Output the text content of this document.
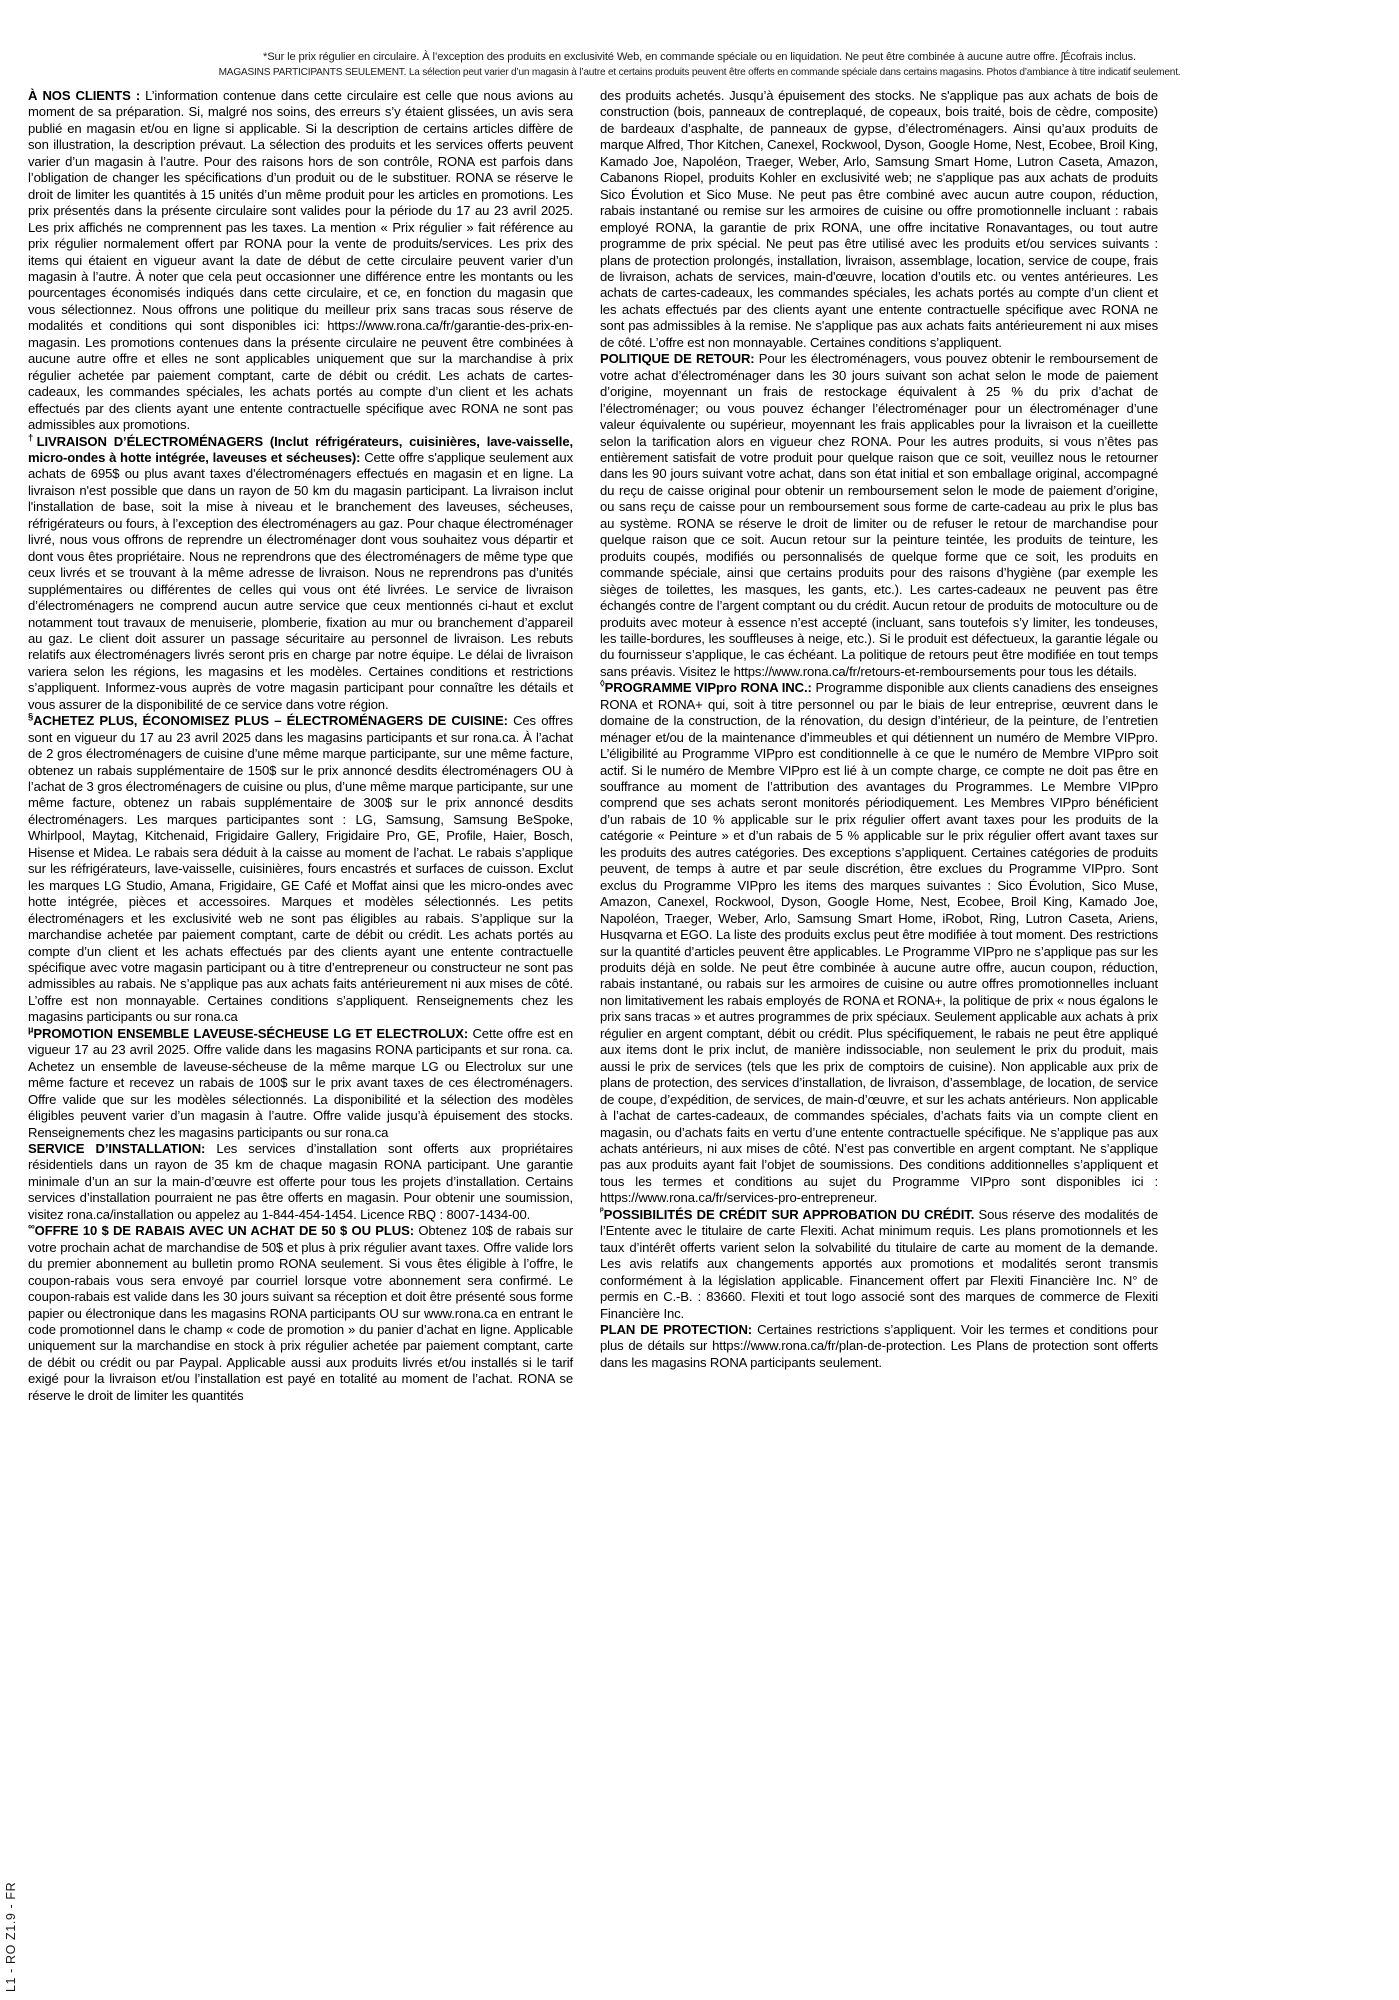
*Sur le prix régulier en circulaire. À l’exception des produits en exclusivité Web, en commande spéciale ou en liquidation. Ne peut être combinée à aucune autre offre. ʃÉcofrais inclus.
MAGASINS PARTICIPANTS SEULEMENT. La sélection peut varier d’un magasin à l’autre et certains produits peuvent être offerts en commande spéciale dans certains magasins. Photos d’ambiance à titre indicatif seulement.

À NOS CLIENTS : L’information contenue dans cette circulaire est celle que nous avions au moment de sa préparation. Si, malgré nos soins, des erreurs s’y étaient glissées, un avis sera publié en magasin et/ou en ligne si applicable. Si la description de certains articles diffère de son illustration, la description prévaut. La sélection des produits et les services offerts peuvent varier d’un magasin à l’autre. Pour des raisons hors de son contrôle, RONA est parfois dans l’obligation de changer les spécifications d’un produit ou de le substituer. RONA se réserve le droit de limiter les quantités à 15 unités d’un même produit pour les articles en promotions. Les prix présentés dans la présente circulaire sont valides pour la période du 17 au 23 avril 2025. Les prix affichés ne comprennent pas les taxes. La mention « Prix régulier » fait référence au prix régulier normalement offert par RONA pour la vente de produits/services. Les prix des items qui étaient en vigueur avant la date de début de cette circulaire peuvent varier d’un magasin à l’autre. À noter que cela peut occasionner une différence entre les montants ou les pourcentages économisés indiqués dans cette circulaire, et ce, en fonction du magasin que vous sélectionnez. Nous offrons une politique du meilleur prix sans tracas sous réserve de modalités et conditions qui sont disponibles ici: https://www.rona.ca/fr/garantie-des-prix-en-magasin. Les promotions contenues dans la présente circulaire ne peuvent être combinées à aucune autre offre et elles ne sont applicables uniquement que sur la marchandise à prix régulier achetée par paiement comptant, carte de débit ou crédit. Les achats de cartes-cadeaux, les commandes spéciales, les achats portés au compte d’un client et les achats effectués par des clients ayant une entente contractuelle spécifique avec RONA ne sont pas admissibles aux promotions.

†LIVRAISON D’ÉLECTROMÉNAGERS (Inclut réfrigérateurs, cuisinières, lave-vaisselle, micro-ondes à hotte intégrée, laveuses et sécheuses): Cette offre s'applique seulement aux achats de 695$ ou plus avant taxes d'électroménagers effectués en magasin et en ligne. La livraison n'est possible que dans un rayon de 50 km du magasin participant. La livraison inclut l'installation de base, soit la mise à niveau et le branchement des laveuses, sécheuses, réfrigérateurs ou fours, à l’exception des électroménagers au gaz. Pour chaque électroménager livré, nous vous offrons de reprendre un électroménager dont vous souhaitez vous départir et dont vous êtes propriétaire. Nous ne reprendrons que des électroménagers de même type que ceux livrés et se trouvant à la même adresse de livraison. Nous ne reprendrons pas d’unités supplémentaires ou différentes de celles qui vous ont été livrées. Le service de livraison d’électroménagers ne comprend aucun autre service que ceux mentionnés ci-haut et exclut notamment tout travaux de menuiserie, plomberie, fixation au mur ou branchement d’appareil au gaz. Le client doit assurer un passage sécuritaire au personnel de livraison. Les rebuts relatifs aux électroménagers livrés seront pris en charge par notre équipe. Le délai de livraison variera selon les régions, les magasins et les modèles. Certaines conditions et restrictions s’appliquent. Informez-vous auprès de votre magasin participant pour connaître les détails et vous assurer de la disponibilité de ce service dans votre région.

§ACHETEZ PLUS, ÉCONOMISEZ PLUS – ÉLECTROMÉNAGERS DE CUISINE: Ces offres sont en vigueur du 17 au 23 avril 2025 dans les magasins participants et sur rona.ca. À l’achat de 2 gros électroménagers de cuisine d’une même marque participante, sur une même facture, obtenez un rabais supplémentaire de 150$ sur le prix annoncé desdits électroménagers OU à l’achat de 3 gros électroménagers de cuisine ou plus, d’une même marque participante, sur une même facture, obtenez un rabais supplémentaire de 300$ sur le prix annoncé desdits électroménagers. Les marques participantes sont : LG, Samsung, Samsung BeSpoke, Whirlpool, Maytag, Kitchenaid, Frigidaire Gallery, Frigidaire Pro, GE, Profile, Haier, Bosch, Hisense et Midea. Le rabais sera déduit à la caisse au moment de l’achat. Le rabais s’applique sur les réfrigérateurs, lave-vaisselle, cuisinières, fours encastrés et surfaces de cuisson. Exclut les marques LG Studio, Amana, Frigidaire, GE Café et Moffat ainsi que les micro-ondes avec hotte intégrée, pièces et accessoires. Marques et modèles sélectionnés. Les petits électroménagers et les exclusivité web ne sont pas éligibles au rabais. S’applique sur la marchandise achetée par paiement comptant, carte de débit ou crédit. Les achats portés au compte d’un client et les achats effectués par des clients ayant une entente contractuelle spécifique avec votre magasin participant ou à titre d’entrepreneur ou constructeur ne sont pas admissibles au rabais. Ne s’applique pas aux achats faits antérieurement ni aux mises de côté. L’offre est non monnayable. Certaines conditions s’appliquent. Renseignements chez les magasins participants ou sur rona.ca

$^\mu$PROMOTION ENSEMBLE LAVEUSE-SÉCHEUSE LG ET ELECTROLUX: Cette offre est en vigueur 17 au 23 avril 2025. Offre valide dans les magasins RONA participants et sur rona. ca. Achetez un ensemble de laveuse-sécheuse de la même marque LG ou Electrolux sur une même facture et recevez un rabais de 100$ sur le prix avant taxes de ces électroménagers. Offre valide que sur les modèles sélectionnés. La disponibilité et la sélection des modèles éligibles peuvent varier d’un magasin à l’autre. Offre valide jusqu’à épuisement des stocks. Renseignements chez les magasins participants ou sur rona.ca

SERVICE D’INSTALLATION: Les services d’installation sont offerts aux propriétaires résidentiels dans un rayon de 35 km de chaque magasin RONA participant. Une garantie minimale d’un an sur la main-d’œuvre est offerte pour tous les projets d’installation. Certains services d’installation pourraient ne pas être offerts en magasin. Pour obtenir une soumission, visitez rona.ca/installation ou appelez au 1-844-454-1454. Licence RBQ : 8007-1434-00.

∞OFFRE 10 $ DE RABAIS AVEC UN ACHAT DE 50 $ OU PLUS: Obtenez 10$ de rabais sur votre prochain achat de marchandise de 50$ et plus à prix régulier avant taxes. Offre valide lors du premier abonnement au bulletin promo RONA seulement. Si vous êtes éligible à l’offre, le coupon-rabais vous sera envoyé par courriel lorsque votre abonnement sera confirmé. Le coupon-rabais est valide dans les 30 jours suivant sa réception et doit être présenté sous forme papier ou électronique dans les magasins RONA participants OU sur www.rona.ca en entrant le code promotionnel dans le champ « code de promotion » du panier d’achat en ligne. Applicable uniquement sur la marchandise en stock à prix régulier achetée par paiement comptant, carte de débit ou crédit ou par Paypal. Applicable aussi aux produits livrés et/ou installés si le tarif exigé pour la livraison et/ou l’installation est payé en totalité au moment de l’achat. RONA se réserve le droit de limiter les quantités

des produits achetés. Jusqu’à épuisement des stocks. Ne s'applique pas aux achats de bois de construction (bois, panneaux de contreplaqué, de copeaux, bois traité, bois de cèdre, composite) de bardeaux d’asphalte, de panneaux de gypse, d’électroménagers. Ainsi qu’aux produits de marque Alfred, Thor Kitchen, Canexel, Rockwool, Dyson, Google Home, Nest, Ecobee, Broil King, Kamado Joe, Napoléon, Traeger, Weber, Arlo, Samsung Smart Home, Lutron Caseta, Amazon, Cabanons Riopel, produits Kohler en exclusivité web; ne s'applique pas aux achats de produits Sico Évolution et Sico Muse. Ne peut pas être combiné avec aucun autre coupon, réduction, rabais instantané ou remise sur les armoires de cuisine ou offre promotionnelle incluant : rabais employé RONA, la garantie de prix RONA, une offre incitative Ronavantages, ou tout autre programme de prix spécial. Ne peut pas être utilisé avec les produits et/ou services suivants : plans de protection prolongés, installation, livraison, assemblage, location, service de coupe, frais de livraison, achats de services, main-d'œuvre, location d’outils etc. ou ventes antérieures. Les achats de cartes-cadeaux, les commandes spéciales, les achats portés au compte d’un client et les achats effectués par des clients ayant une entente contractuelle spécifique avec RONA ne sont pas admissibles à la remise. Ne s'applique pas aux achats faits antérieurement ni aux mises de côté. L’offre est non monnayable. Certaines conditions s’appliquent.

POLITIQUE DE RETOUR: Pour les électroménagers, vous pouvez obtenir le remboursement de votre achat d’électroménager dans les 30 jours suivant son achat selon le mode de paiement d’origine, moyennant un frais de restockage équivalent à 25 % du prix d’achat de l’électroménager; ou vous pouvez échanger l’électroménager pour un électroménager d’une valeur équivalente ou supérieur, moyennant les frais applicables pour la livraison et la cueillette selon la tarification alors en vigueur chez RONA. Pour les autres produits, si vous n’êtes pas entièrement satisfait de votre produit pour quelque raison que ce soit, veuillez nous le retourner dans les 90 jours suivant votre achat, dans son état initial et son emballage original, accompagné du reçu de caisse original pour obtenir un remboursement selon le mode de paiement d’origine, ou sans reçu de caisse pour un remboursement sous forme de carte-cadeau au prix le plus bas au système. RONA se réserve le droit de limiter ou de refuser le retour de marchandise pour quelque raison que ce soit. Aucun retour sur la peinture teintée, les produits de teinture, les produits coupés, modifiés ou personnalisés de quelque forme que ce soit, les produits en commande spéciale, ainsi que certains produits pour des raisons d’hygiène (par exemple les sièges de toilettes, les masques, les gants, etc.). Les cartes-cadeaux ne peuvent pas être échangés contre de l’argent comptant ou du crédit. Aucun retour de produits de motoculture ou de produits avec moteur à essence n’est accepté (incluant, sans toutefois s’y limiter, les tondeuses, les taille-bordures, les souffleuses à neige, etc.). Si le produit est défectueux, la garantie légale ou du fournisseur s’applique, le cas échéant. La politique de retours peut être modifiée en tout temps sans préavis. Visitez le https://www.rona.ca/fr/retours-et-remboursements pour tous les détails.

◊PROGRAMME VIPpro RONA INC.: Programme disponible aux clients canadiens des enseignes RONA et RONA+ qui, soit à titre personnel ou par le biais de leur entreprise, œuvrent dans le domaine de la construction, de la rénovation, du design d’intérieur, de la peinture, de l’entretien ménager et/ou de la maintenance d’immeubles et qui détiennent un numéro de Membre VIPpro. L’éligibilité au Programme VIPpro est conditionnelle à ce que le numéro de Membre VIPpro soit actif. Si le numéro de Membre VIPpro est lié à un compte charge, ce compte ne doit pas être en souffrance au moment de l’attribution des avantages du Programmes. Le Membre VIPpro comprend que ses achats seront monitorés périodiquement. Les Membres VIPpro bénéficient d’un rabais de 10 % applicable sur le prix régulier offert avant taxes pour les produits de la catégorie « Peinture » et d’un rabais de 5 % applicable sur le prix régulier offert avant taxes sur les produits des autres catégories. Des exceptions s’appliquent. Certaines catégories de produits peuvent, de temps à autre et par seule discrétion, être exclues du Programme VIPpro. Sont exclus du Programme VIPpro les items des marques suivantes : Sico Évolution, Sico Muse, Amazon, Canexel, Rockwool, Dyson, Google Home, Nest, Ecobee, Broil King, Kamado Joe, Napoléon, Traeger, Weber, Arlo, Samsung Smart Home, iRobot, Ring, Lutron Caseta, Ariens, Husqvarna et EGO. La liste des produits exclus peut être modifiée à tout moment. Des restrictions sur la quantité d’articles peuvent être applicables. Le Programme VIPpro ne s’applique pas sur les produits déjà en solde. Ne peut être combinée à aucune autre offre, aucun coupon, réduction, rabais instantané, ou rabais sur les armoires de cuisine ou autre offres promotionnelles incluant non limitativement les rabais employés de RONA et RONA+, la politique de prix « nous égalons le prix sans tracas » et autres programmes de prix spéciaux. Seulement applicable aux achats à prix régulier en argent comptant, débit ou crédit. Plus spécifiquement, le rabais ne peut être appliqué aux items dont le prix inclut, de manière indissociable, non seulement le prix du produit, mais aussi le prix de services (tels que les prix de comptoirs de cuisine). Non applicable aux prix de plans de protection, des services d’installation, de livraison, d’assemblage, de location, de service de coupe, d’expédition, de services, de main-d’œuvre, et sur les achats antérieurs. Non applicable à l’achat de cartes-cadeaux, de commandes spéciales, d’achats faits via un compte client en magasin, ou d’achats faits en vertu d’une entente contractuelle spécifique. Ne s’applique pas aux achats antérieurs, ni aux mises de côté. N’est pas convertible en argent comptant. Ne s’applique pas aux produits ayant fait l’objet de soumissions. Des conditions additionnelles s’appliquent et tous les termes et conditions au sujet du Programme VIPpro sont disponibles ici : https://www.rona.ca/fr/services-pro-entrepreneur.

$^ᵖ$POSSIBILITÉS DE CRÉDIT SUR APPROBATION DU CRÉDIT. Sous réserve des modalités de l’Entente avec le titulaire de carte Flexiti. Achat minimum requis. Les plans promotionnels et les taux d’intérêt offerts varient selon la solvabilité du titulaire de carte au moment de la demande. Les avis relatifs aux changements apportés aux promotions et modalités seront transmis conformément à la législation applicable. Financement offert par Flexiti Financière Inc. N° de permis en C.-B. : 83660. Flexiti et tout logo associé sont des marques de commerce de Flexiti Financière Inc.

PLAN DE PROTECTION: Certaines restrictions s’appliquent. Voir les termes et conditions pour plus de détails sur https://www.rona.ca/fr/plan-de-protection. Les Plans de protection sont offerts dans les magasins RONA participants seulement.

L1 - RO Z1.9 - FR
